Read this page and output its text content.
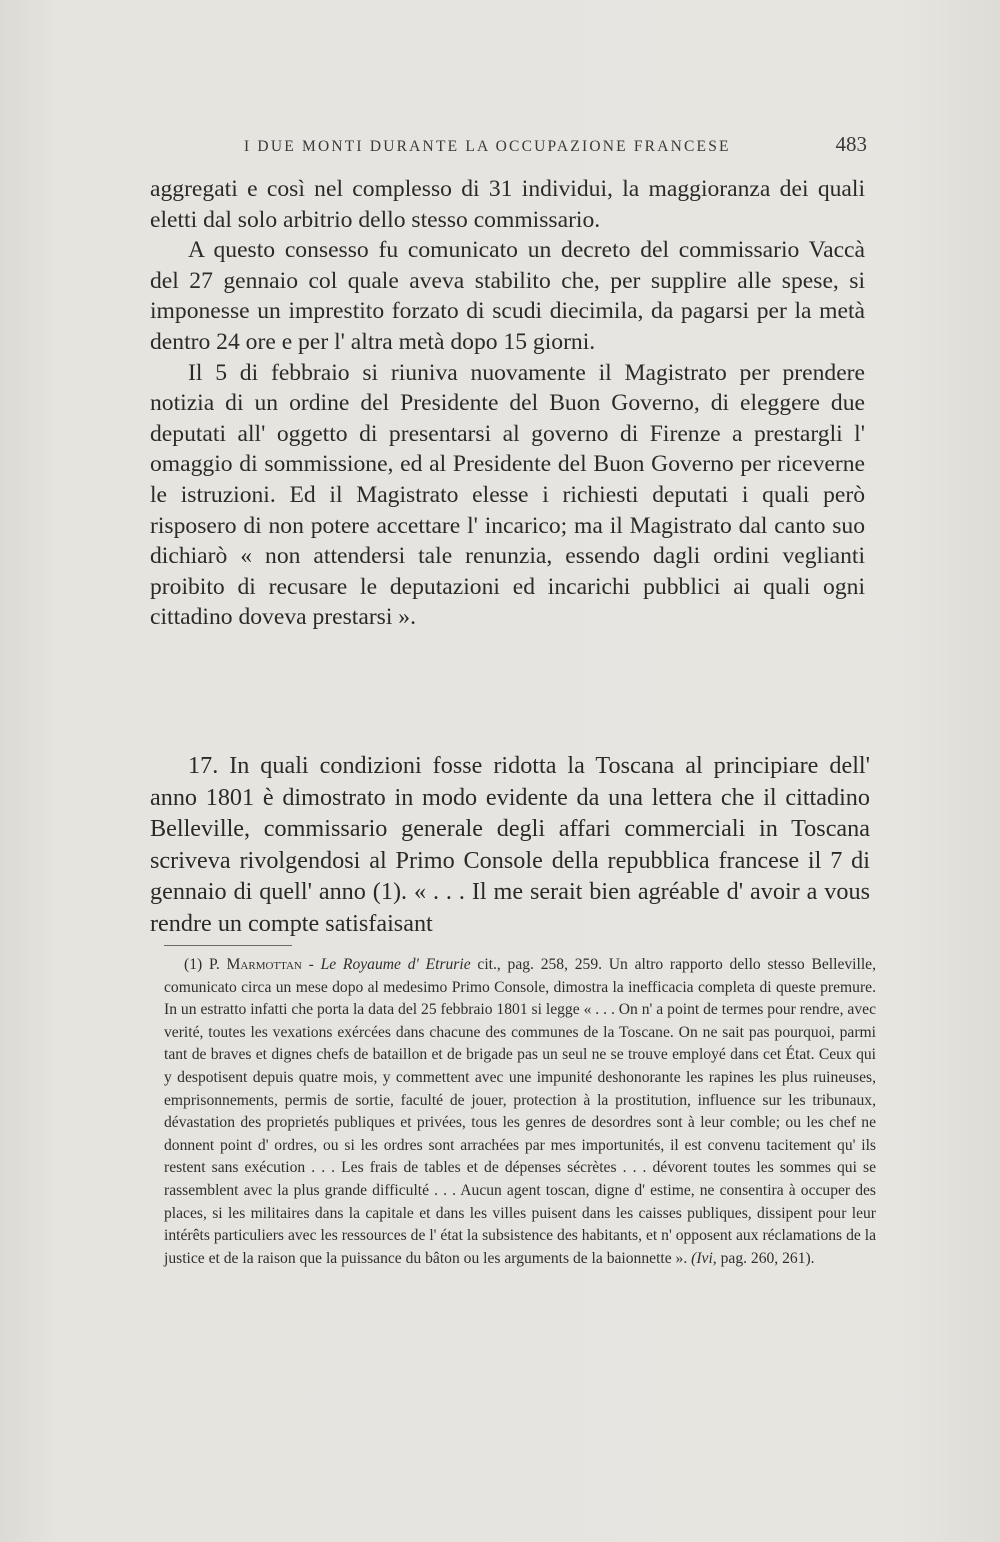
I DUE MONTI DURANTE LA OCCUPAZIONE FRANCESE	483

aggregati e così nel complesso di 31 individui, la maggioranza dei quali eletti dal solo arbitrio dello stesso commissario.

A questo consesso fu comunicato un decreto del commissario Vaccà del 27 gennaio col quale aveva stabilito che, per supplire alle spese, si imponesse un imprestito forzato di scudi diecimila, da pagarsi per la metà dentro 24 ore e per l' altra metà dopo 15 giorni.

Il 5 di febbraio si riuniva nuovamente il Magistrato per prendere notizia di un ordine del Presidente del Buon Governo, di eleggere due deputati all' oggetto di presentarsi al governo di Firenze a prestargli l' omaggio di sommissione, ed al Presidente del Buon Governo per riceverne le istruzioni. Ed il Magistrato elesse i richiesti deputati i quali però risposero di non potere accettare l' incarico; ma il Magistrato dal canto suo dichiarò « non attendersi tale renunzia, essendo dagli ordini veglianti proibito di recusare le deputazioni ed incarichi pubblici ai quali ogni cittadino doveva prestarsi ».

17. In quali condizioni fosse ridotta la Toscana al principiare dell' anno 1801 è dimostrato in modo evidente da una lettera che il cittadino Belleville, commissario generale degli affari commerciali in Toscana scriveva rivolgendosi al Primo Console della repubblica francese il 7 di gennaio di quell' anno (1). « . . . Il me serait bien agréable d' avoir a vous rendre un compte satisfaisant

(1) P. Marmottan - Le Royaume d' Etrurie cit., pag. 258, 259. Un altro rapporto dello stesso Belleville, comunicato circa un mese dopo al medesimo Primo Console, dimostra la inefficacia completa di queste premure. In un estratto infatti che porta la data del 25 febbraio 1801 si legge « . . . On n' a point de termes pour rendre, avec verité, toutes les vexations exércées dans chacune des communes de la Toscane. On ne sait pas pourquoi, parmi tant de braves et dignes chefs de bataillon et de brigade pas un seul ne se trouve employé dans cet État. Ceux qui y despotisent depuis quatre mois, y commettent avec une impunité deshonorante les rapines les plus ruineuses, emprisonnements, permis de sortie, faculté de jouer, protection à la prostitution, influence sur les tribunaux, dévastation des proprietés publiques et privées, tous les genres de desordres sont à leur comble; ou les chef ne donnent point d' ordres, ou si les ordres sont arrachées par mes importunités, il est convenu tacitement qu' ils restent sans exécution . . . Les frais de tables et de dépenses sécrètes . . . dévorent toutes les sommes qui se rassemblent avec la plus grande difficulté . . . Aucun agent toscan, digne d' estime, ne consentira à occuper des places, si les militaires dans la capitale et dans les villes puisent dans les caisses publiques, dissipent pour leur intérêts particuliers avec les ressources de l' état la subsistence des habitants, et n' opposent aux réclamations de la justice et de la raison que la puissance du bâton ou les arguments de la baionnette ». (Ivi, pag. 260, 261).
